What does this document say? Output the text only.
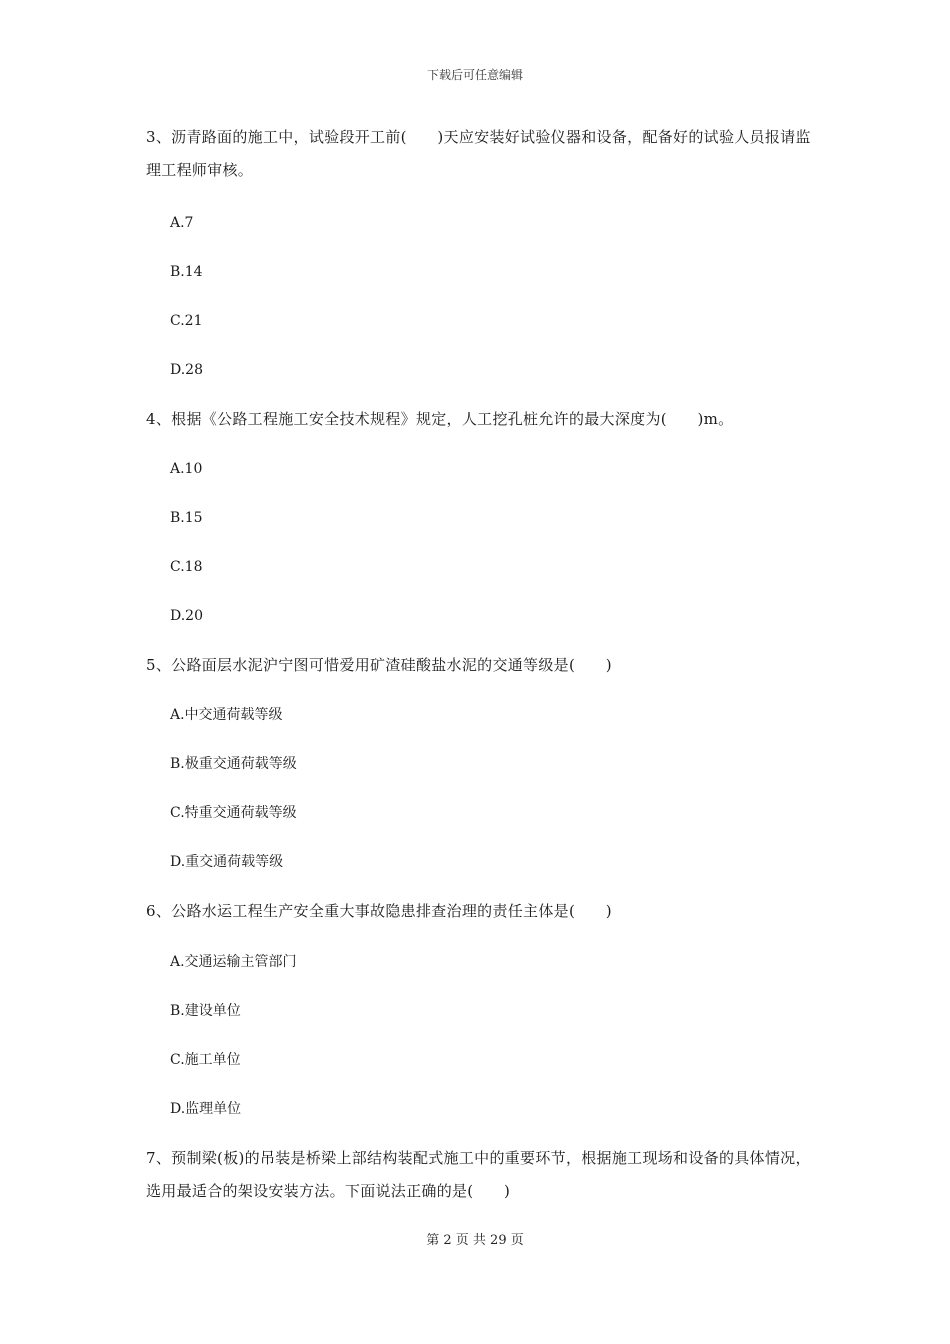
下载后可任意编辑
3、沥青路面的施工中，试验段开工前(　　)天应安装好试验仪器和设备，配备好的试验人员报请监理工程师审核。
A.7
B.14
C.21
D.28
4、根据《公路工程施工安全技术规程》规定，人工挖孔桩允许的最大深度为(　　)m。
A.10
B.15
C.18
D.20
5、公路面层水泥沪宁图可惜爱用矿渣硅酸盐水泥的交通等级是(　　)
A.中交通荷载等级
B.极重交通荷载等级
C.特重交通荷载等级
D.重交通荷载等级
6、公路水运工程生产安全重大事故隐患排查治理的责任主体是(　　)
A.交通运输主管部门
B.建设单位
C.施工单位
D.监理单位
7、预制梁(板)的吊装是桥梁上部结构装配式施工中的重要环节，根据施工现场和设备的具体情况，选用最适合的架设安装方法。下面说法正确的是(　　)
第 2 页 共 29 页
